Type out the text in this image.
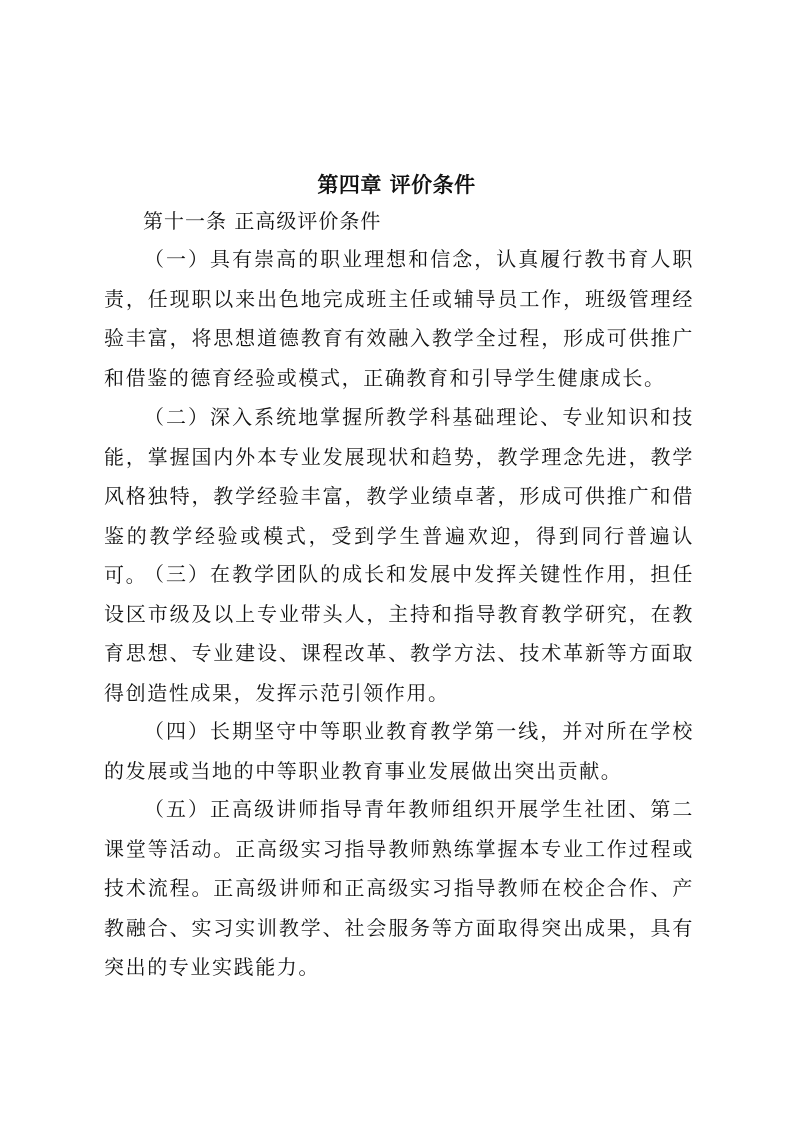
第四章 评价条件
第十一条 正高级评价条件

（一）具有崇高的职业理想和信念，认真履行教书育人职责，任现职以来出色地完成班主任或辅导员工作，班级管理经验丰富，将思想道德教育有效融入教学全过程，形成可供推广和借鉴的德育经验或模式，正确教育和引导学生健康成长。

（二）深入系统地掌握所教学科基础理论、专业知识和技能，掌握国内外本专业发展现状和趋势，教学理念先进，教学风格独特，教学经验丰富，教学业绩卓著，形成可供推广和借鉴的教学经验或模式，受到学生普遍欢迎，得到同行普遍认可。

（三）在教学团队的成长和发展中发挥关键性作用，担任设区市级及以上专业带头人，主持和指导教育教学研究，在教育思想、专业建设、课程改革、教学方法、技术革新等方面取得创造性成果，发挥示范引领作用。

（四）长期坚守中等职业教育教学第一线，并对所在学校的发展或当地的中等职业教育事业发展做出突出贡献。

（五）正高级讲师指导青年教师组织开展学生社团、第二课堂等活动。正高级实习指导教师熟练掌握本专业工作过程或技术流程。正高级讲师和正高级实习指导教师在校企合作、产教融合、实习实训教学、社会服务等方面取得突出成果，具有突出的专业实践能力。
